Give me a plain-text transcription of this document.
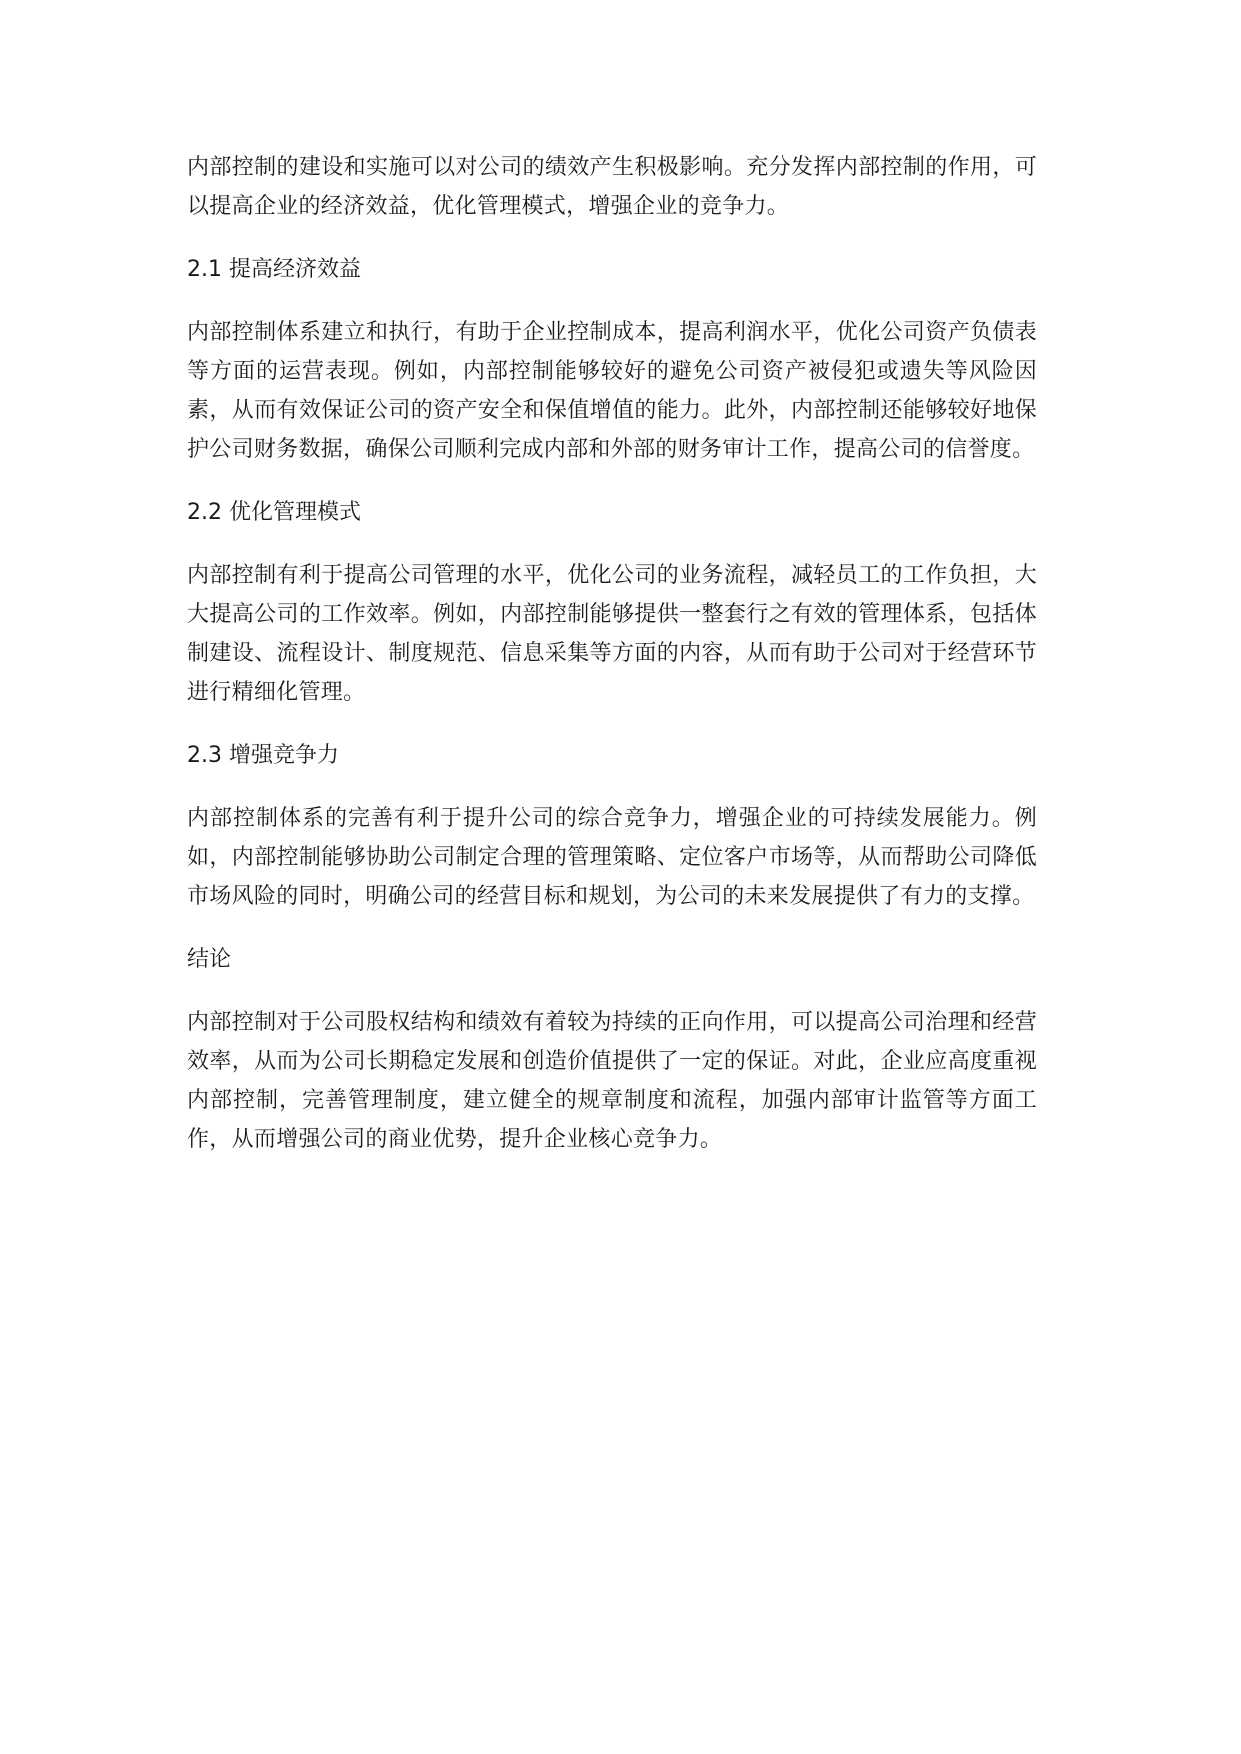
内部控制的建设和实施可以对公司的绩效产生积极影响。充分发挥内部控制的作用，可以提高企业的经济效益，优化管理模式，增强企业的竞争力。

2.1 提高经济效益

内部控制体系建立和执行，有助于企业控制成本，提高利润水平，优化公司资产负债表等方面的运营表现。例如，内部控制能够较好的避免公司资产被侵犯或遗失等风险因素，从而有效保证公司的资产安全和保值增值的能力。此外，内部控制还能够较好地保护公司财务数据，确保公司顺利完成内部和外部的财务审计工作，提高公司的信誉度。

2.2 优化管理模式

内部控制有利于提高公司管理的水平，优化公司的业务流程，减轻员工的工作负担，大大提高公司的工作效率。例如，内部控制能够提供一整套行之有效的管理体系，包括体制建设、流程设计、制度规范、信息采集等方面的内容，从而有助于公司对于经营环节进行精细化管理。

2.3 增强竞争力

内部控制体系的完善有利于提升公司的综合竞争力，增强企业的可持续发展能力。例如，内部控制能够协助公司制定合理的管理策略、定位客户市场等，从而帮助公司降低市场风险的同时，明确公司的经营目标和规划，为公司的未来发展提供了有力的支撑。

结论

内部控制对于公司股权结构和绩效有着较为持续的正向作用，可以提高公司治理和经营效率，从而为公司长期稳定发展和创造价值提供了一定的保证。对此，企业应高度重视内部控制，完善管理制度，建立健全的规章制度和流程，加强内部审计监管等方面工作，从而增强公司的商业优势，提升企业核心竞争力。
